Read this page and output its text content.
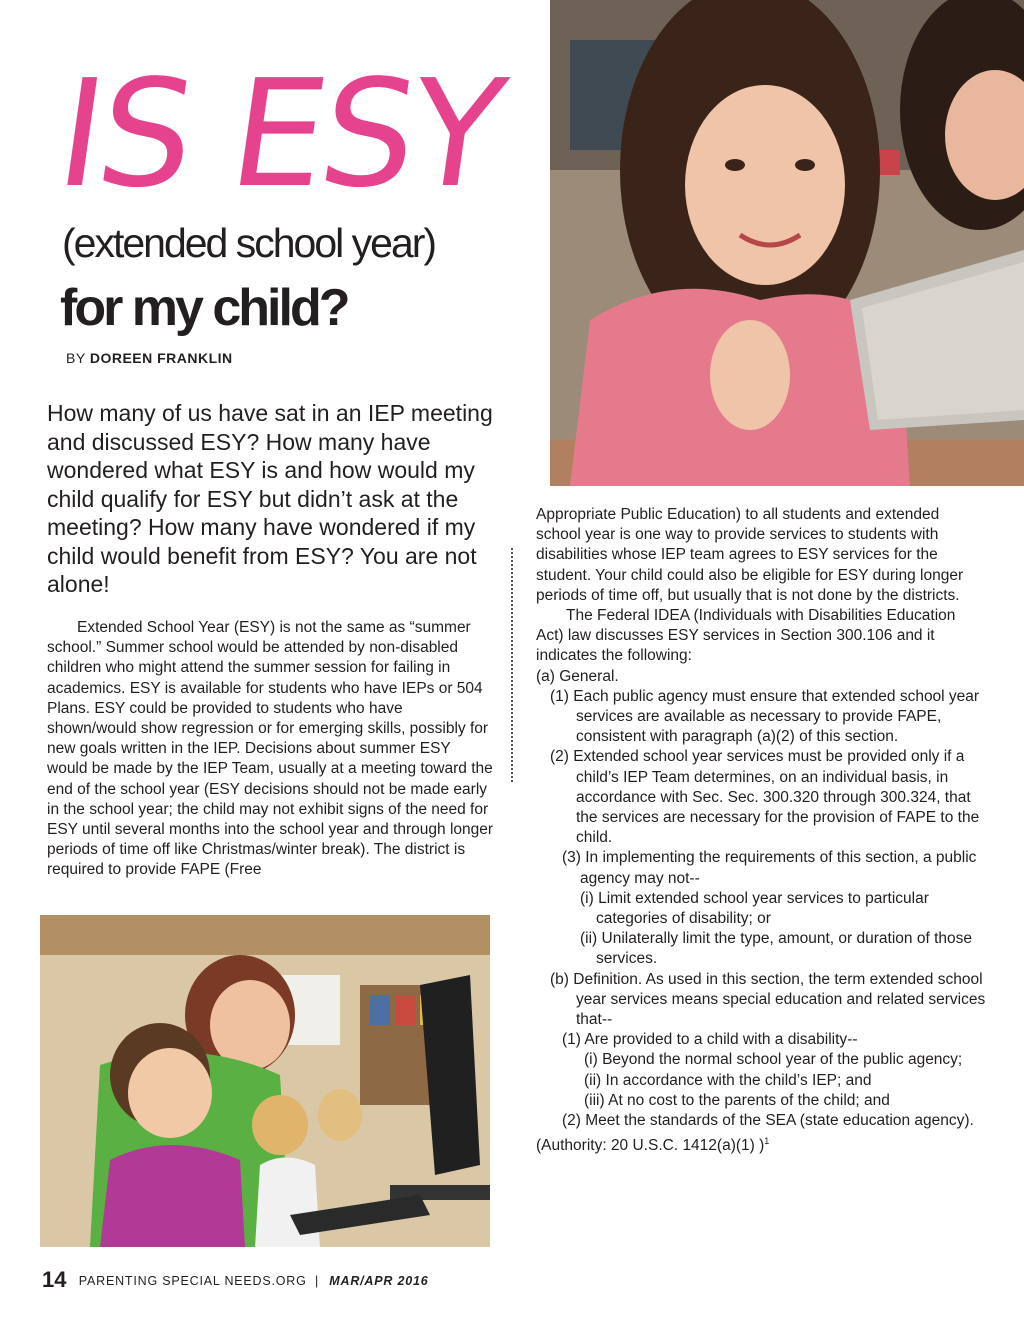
IS ESY
(extended school year)
for my child?
BY DOREEN FRANKLIN
How many of us have sat in an IEP meeting and discussed ESY? How many have wondered what ESY is and how would my child qualify for ESY but didn’t ask at the meeting? How many have wondered if my child would benefit from ESY? You are not alone!

Extended School Year (ESY) is not the same as “summer school.” Summer school would be attended by non-disabled children who might attend the summer session for failing in academics. ESY is available for students who have IEPs or 504 Plans. ESY could be provided to students who have shown/would show regression or for emerging skills, possibly for new goals written in the IEP. Decisions about summer ESY would be made by the IEP Team, usually at a meeting toward the end of the school year (ESY decisions should not be made early in the school year; the child may not exhibit signs of the need for ESY until several months into the school year and through longer periods of time off like Christmas/winter break). The district is required to provide FAPE (Free

Appropriate Public Education) to all students and extended school year is one way to provide services to students with disabilities whose IEP team agrees to ESY services for the student. Your child could also be eligible for ESY during longer periods of time off, but usually that is not done by the districts.

The Federal IDEA (Individuals with Disabilities Education Act) law discusses ESY services in Section 300.106 and it indicates the following:

(a) General.

(1) Each public agency must ensure that extended school year services are available as necessary to provide FAPE, consistent with paragraph (a)(2) of this section.

(2) Extended school year services must be provided only if a child’s IEP Team determines, on an individual basis, in accordance with Sec. Sec. 300.320 through 300.324, that the services are necessary for the provision of FAPE to the child.

(3) In implementing the requirements of this section, a public agency may not--

(i) Limit extended school year services to particular categories of disability; or

(ii) Unilaterally limit the type, amount, or duration of those services.

(b) Definition. As used in this section, the term extended school year services means special education and related services that--

(1) Are provided to a child with a disability--

(i) Beyond the normal school year of the public agency;

(ii) In accordance with the child’s IEP; and

(iii) At no cost to the parents of the child; and

(2) Meet the standards of the SEA (state education agency).

(Authority: 20 U.S.C. 1412(a)(1) )$^1$

14 PARENTING SPECIAL NEEDS.ORG | MAR/APR 2016
